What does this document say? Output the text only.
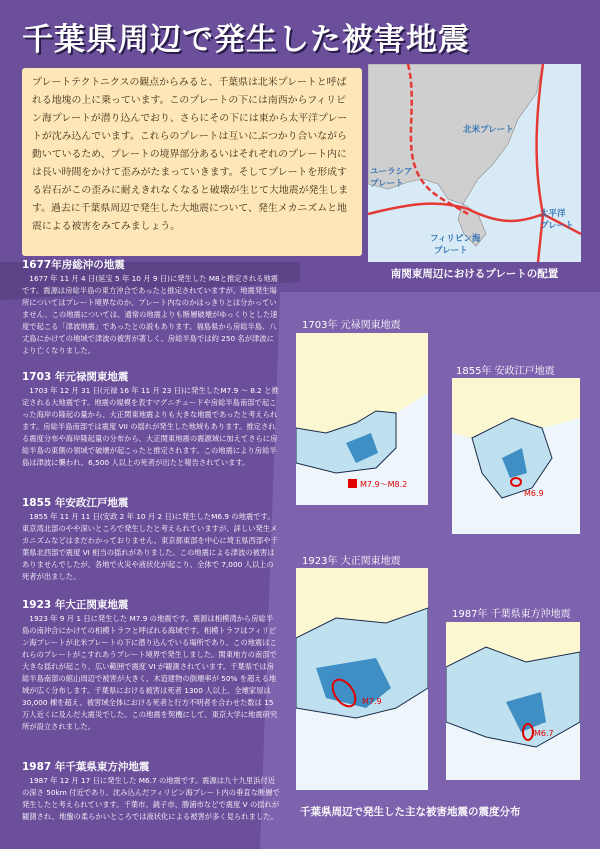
千葉県周辺で発生した被害地震
プレートテクトニクスの観点からみると、千葉県は北米プレートと呼ばれる地塊の上に乗っています。このプレートの下には南西からフィリピン海プレートが潜り込んでおり、さらにその下には東から太平洋プレートが沈み込んでいます。これらのプレートは互いにぶつかり合いながら動いているため、プレートの境界部分あるいはそれぞれのプレート内には長い時間をかけて歪みがたまっていきます。そしてプレートを形成する岩石がこの歪みに耐えきれなくなると破壊が生じて大地震が発生します。過去に千葉県周辺で発生した大地震について、発生メカニズムと地震による被害をみてみましょう。
北米プレート
ユーラシア
プレート
フィリピン海
プレート
太平洋
プレート
南関東周辺におけるプレートの配置
1677年房総沖の地震

1677 年 11 月 4 日(延宝 5 年 10 月 9 日)に発生した M8と推定される地震です。震源は房総半島の東方沖合であったと推定されていますが、地震発生場所についてはプレート境界なのか、プレート内なのかはっきりとは分かっていません。この地震については、通常の地震よりも断層破壊がゆっくりとした速度で起こる「津波地震」であったとの説もあります。福島県から房総半島、八丈島にかけての地域で津波の被害が著しく、房総半島では約 250 名が津波により亡くなりました。

1703 年元禄関東地震

1703 年 12 月 31 日(元禄 16 年 11 月 23 日)に発生したM7.9 〜 8.2 と推定される大地震です。地震の規模を表すマグニチュードや房総半島南部で起こった海岸の隆起の量から、大正関東地震よりも大きな地震であったと考えられます。房総半島南部では震度 VII の揺れが発生した地域もあります。推定される震度分布や海岸隆起量の分布から、大正関東地震の震源域に加えてさらに房総半島の東側の領域で破壊が起こったと推定されます。この地震により房総半島は津波に襲われ、6,500 人以上の死者が出たと報告されています。

1855 年安政江戸地震

1855 年 11 月 11 日(安政 2 年 10 月 2 日)に発生したM6.9 の地震です。東京湾北部のやや深いところで発生したと考えられていますが、詳しい発生メカニズムなどはまだわかっておりません。東京都東部を中心に埼玉県西部や千葉県北西部で震度 VI 相当の揺れがありました。この地震による津波の被害はありませんでしたが、各地で火災や液状化が起こり、全体で 7,000 人以上の死者が出ました。

1923 年大正関東地震

1923 年 9 月 1 日に発生した M7.9 の地震です。震源は相模湾から房総半島の南沖合にかけての相模トラフと呼ばれる海域です。相模トラフはフィリピン海プレートが北米プレートの下に潜り込んでいる場所であり、この地震はこれらのプレートがこすれあうプレート境界で発生しました。関東地方の南部で大きな揺れが起こり、広い範囲で震度 VI が観測されています。千葉県では房総半島南部の館山周辺で被害が大きく、木造建物の倒壊率が 50% を超える地域が広く分布します。千葉県における被害は死者 1300 人以上、全壊家屋は 30,000 棟を超え、被害域全体における死者と行方不明者を合わせた数は 15 万人近くに及んだ大震災でした。この地震を契機にして、東京大学に地震研究所が設立されました。

1987 年千葉県東方沖地震

1987 年 12 月 17 日に発生した M6.7 の地震です。震源は九十九里浜付近の深さ 50km 付近であり、沈み込んだフィリピン海プレート内の垂直な断層で発生したと考えられています。千葉市、銚子市、勝浦市などで震度 V の揺れが観測され、地盤の柔らかいところでは液状化による被害が多く見られました。

1703年 元禄関東地震
M7.9～M8.2
1855年 安政江戸地震
M6.9
1923年 大正関東地震
M7.9
1987年 千葉県東方沖地震
M6.7
千葉県周辺で発生した主な被害地震の震度分布
